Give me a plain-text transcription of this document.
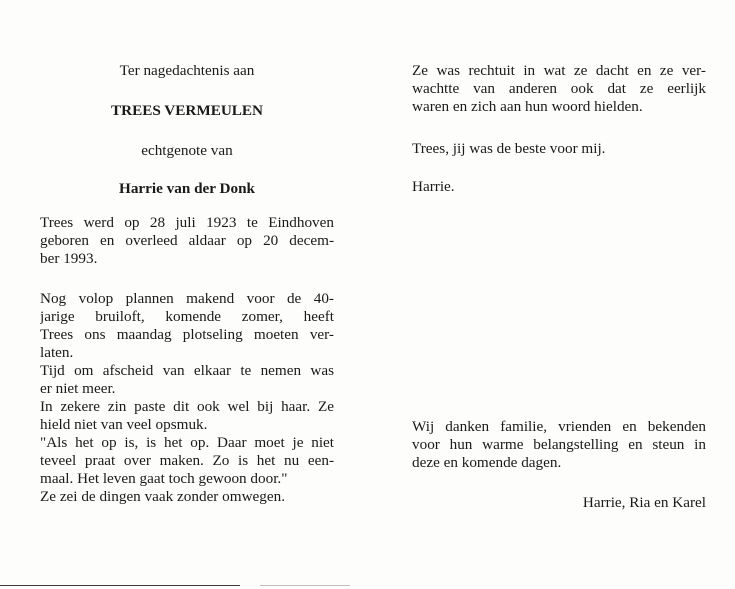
Ter nagedachtenis aan
TREES VERMEULEN
echtgenote van
Harrie van der Donk
Trees werd op 28 juli 1923 te Eindhoven
geboren en overleed aldaar op 20 decem-
ber 1993.
Nog volop plannen makend voor de 40-
jarige bruiloft, komende zomer, heeft
Trees ons maandag plotseling moeten ver-
laten.
Tijd om afscheid van elkaar te nemen was
er niet meer.
In zekere zin paste dit ook wel bij haar. Ze
hield niet van veel opsmuk.
"Als het op is, is het op. Daar moet je niet
teveel praat over maken. Zo is het nu een-
maal. Het leven gaat toch gewoon door."
Ze zei de dingen vaak zonder omwegen.
Ze was rechtuit in wat ze dacht en ze ver-
wachtte van anderen ook dat ze eerlijk
waren en zich aan hun woord hielden.
Trees, jij was de beste voor mij.
Harrie.
Wij danken familie, vrienden en bekenden
voor hun warme belangstelling en steun in
deze en komende dagen.
Harrie, Ria en Karel
